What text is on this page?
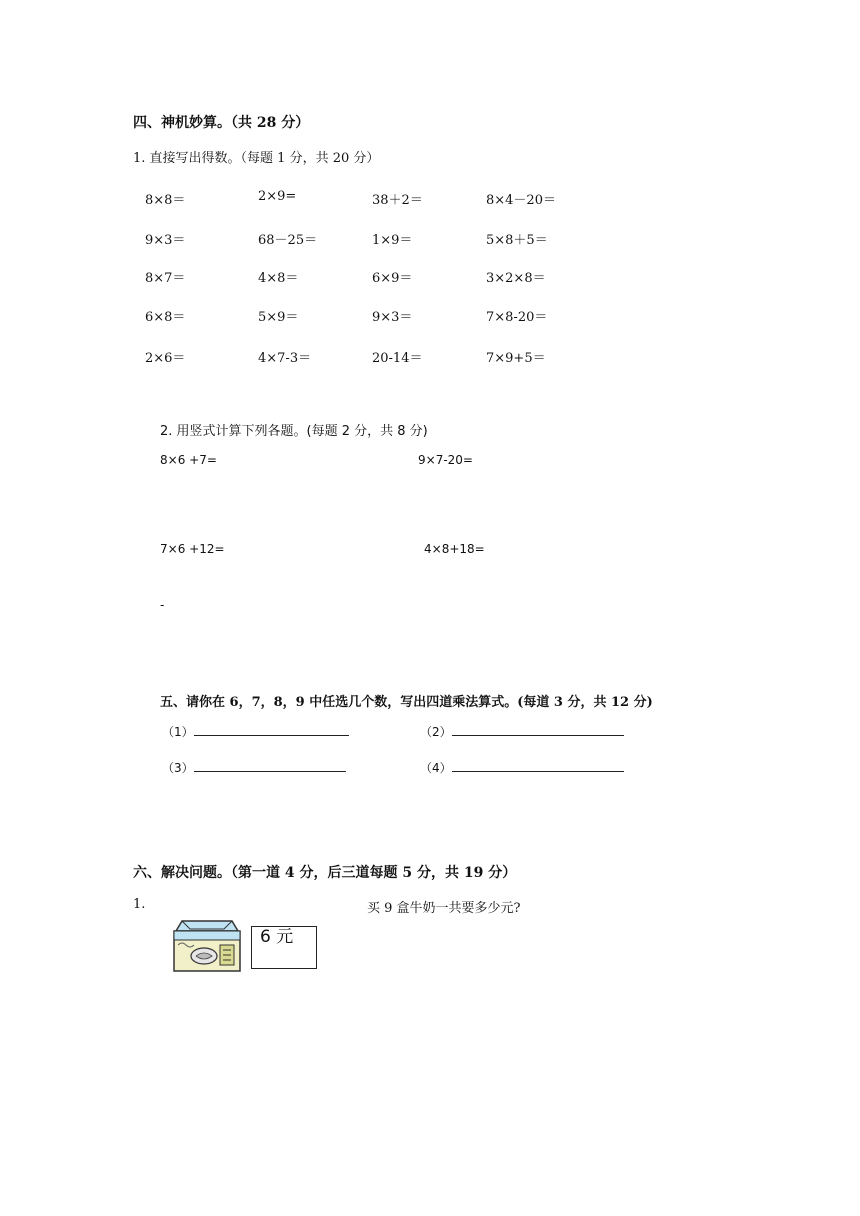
四、神机妙算。（共 28 分）
1. 直接写出得数。（每题 1 分，共 20 分）
8×8＝	2×9=	38＋2＝	8×4－20＝
9×3＝	68－25＝	1×9＝	5×8＋5＝
8×7＝	4×8＝	6×9＝	3×2×8＝
6×8＝	5×9＝	9×3＝	7×8-20＝
2×6＝	4×7-3＝	20-14＝	7×9+5＝
2. 用竖式计算下列各题。(每题 2 分，共 8 分)
8×6 +7=	9×7-20=
7×6 +12=	4×8+18=
-
五、请你在 6，7，8，9 中任选几个数，写出四道乘法算式。(每道 3 分，共 12 分)
（1）	（2）
（3）	（4）
六、解决问题。（第一道 4 分，后三道每题 5 分，共 19 分）
1.	买 9 盒牛奶一共要多少元?
6 元
